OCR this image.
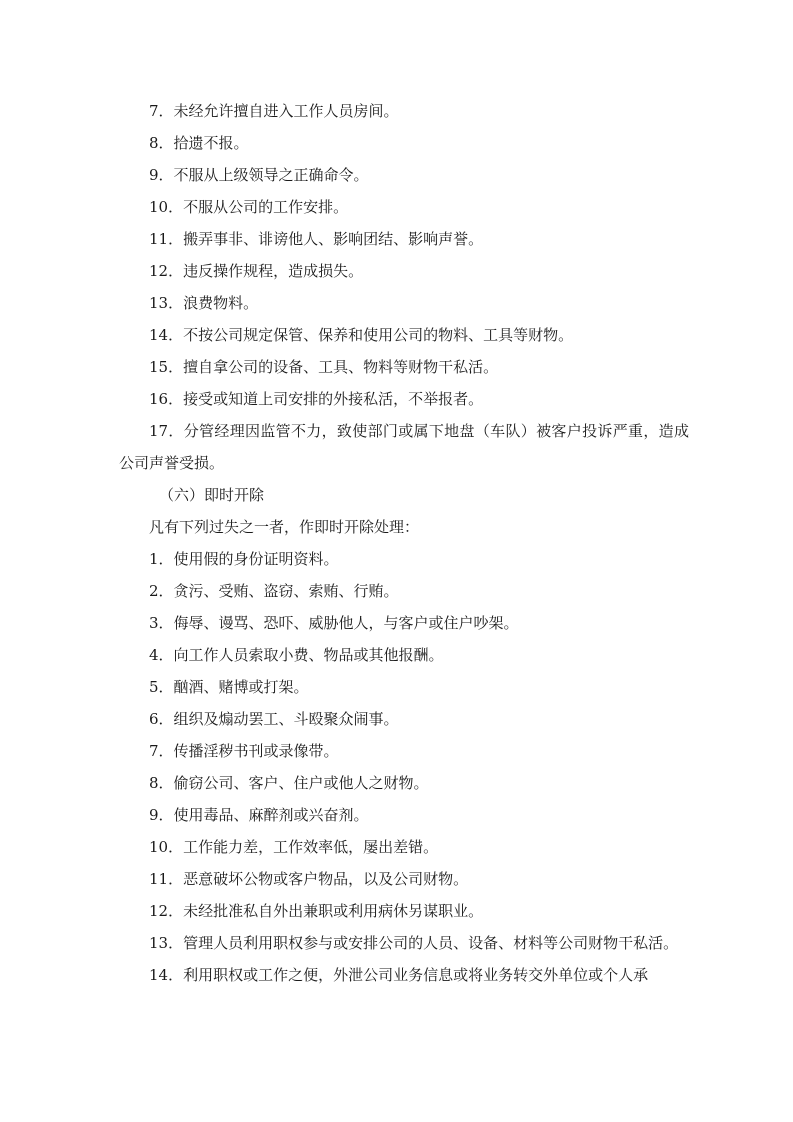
7．未经允许擅自进入工作人员房间。
8．拾遗不报。
9．不服从上级领导之正确命令。
10．不服从公司的工作安排。
11．搬弄事非、诽谤他人、影响团结、影响声誉。
12．违反操作规程，造成损失。
13．浪费物料。
14．不按公司规定保管、保养和使用公司的物料、工具等财物。
15．擅自拿公司的设备、工具、物料等财物干私活。
16．接受或知道上司安排的外接私活，不举报者。
17．分管经理因监管不力，致使部门或属下地盘（车队）被客户投诉严重，造成公司声誉受损。
（六）即时开除
凡有下列过失之一者，作即时开除处理：
1．使用假的身份证明资料。
2．贪污、受贿、盗窃、索贿、行贿。
3．侮辱、谩骂、恐吓、威胁他人，与客户或住户吵架。
4．向工作人员索取小费、物品或其他报酬。
5．酗酒、赌博或打架。
6．组织及煽动罢工、斗殴聚众闹事。
7．传播淫秽书刊或录像带。
8．偷窃公司、客户、住户或他人之财物。
9．使用毒品、麻醉剂或兴奋剂。
10．工作能力差，工作效率低，屡出差错。
11．恶意破坏公物或客户物品，以及公司财物。
12．未经批准私自外出兼职或利用病休另谋职业。
13．管理人员利用职权参与或安排公司的人员、设备、材料等公司财物干私活。
14．利用职权或工作之便，外泄公司业务信息或将业务转交外单位或个人承
